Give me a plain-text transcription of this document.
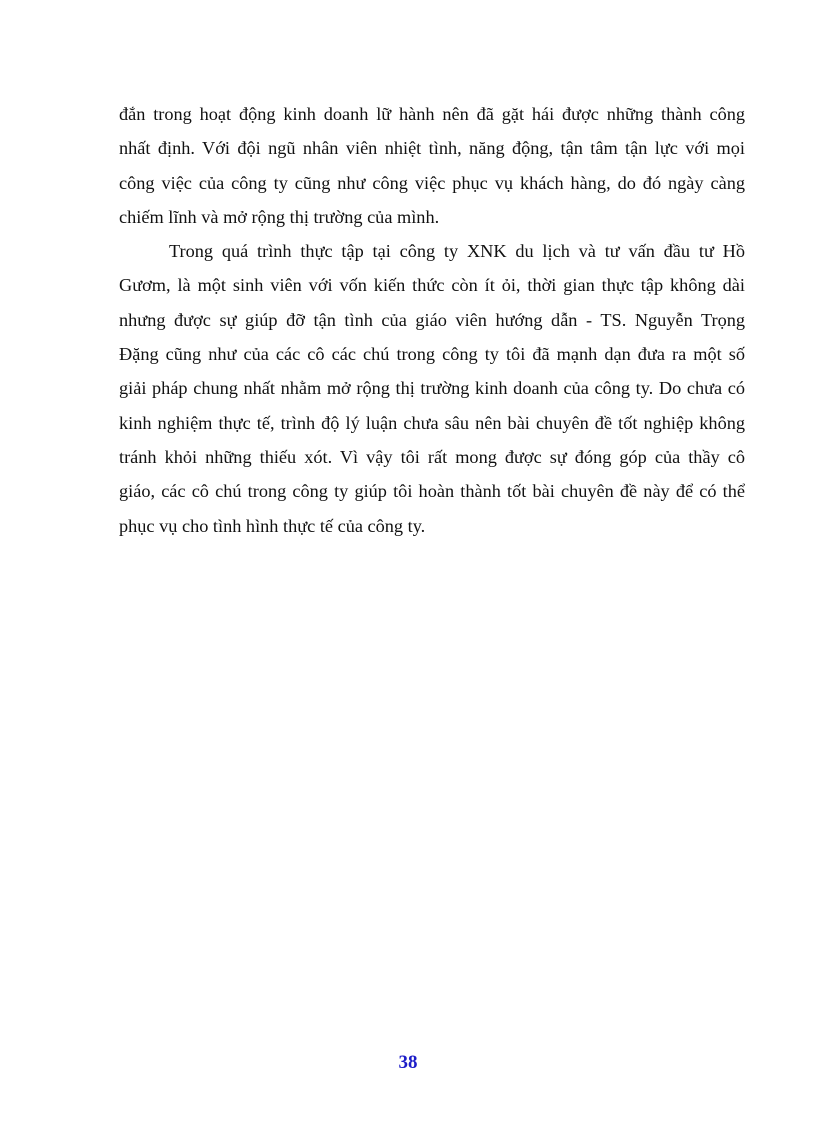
đắn trong hoạt động kinh doanh lữ hành nên đã gặt hái được những thành công
nhất định. Với đội ngũ nhân viên nhiệt tình, năng động, tận tâm tận lực với mọi
công việc của công ty cũng như công việc phục vụ khách hàng, do đó ngày càng
chiếm lĩnh và mở rộng thị trường của mình.
Trong quá trình thực tập tại công ty XNK du lịch và tư vấn đầu tư Hồ
Gươm, là một sinh viên với vốn kiến thức còn ít ỏi, thời gian thực tập không dài
nhưng được sự giúp đỡ tận tình của giáo viên hướng dẫn - TS. Nguyễn Trọng
Đặng cũng như của các cô các chú trong công ty tôi đã mạnh dạn đưa ra một số
giải pháp chung nhất nhằm mở rộng thị trường kinh doanh của công ty. Do chưa có
kinh nghiệm thực tế, trình độ lý luận chưa sâu nên bài chuyên đề tốt nghiệp không
tránh khỏi những thiếu xót. Vì vậy tôi rất mong được sự đóng góp của thầy cô
giáo, các cô chú trong công ty giúp tôi hoàn thành tốt bài chuyên đề này để có thể
phục vụ cho tình hình thực tế của công ty.
38
